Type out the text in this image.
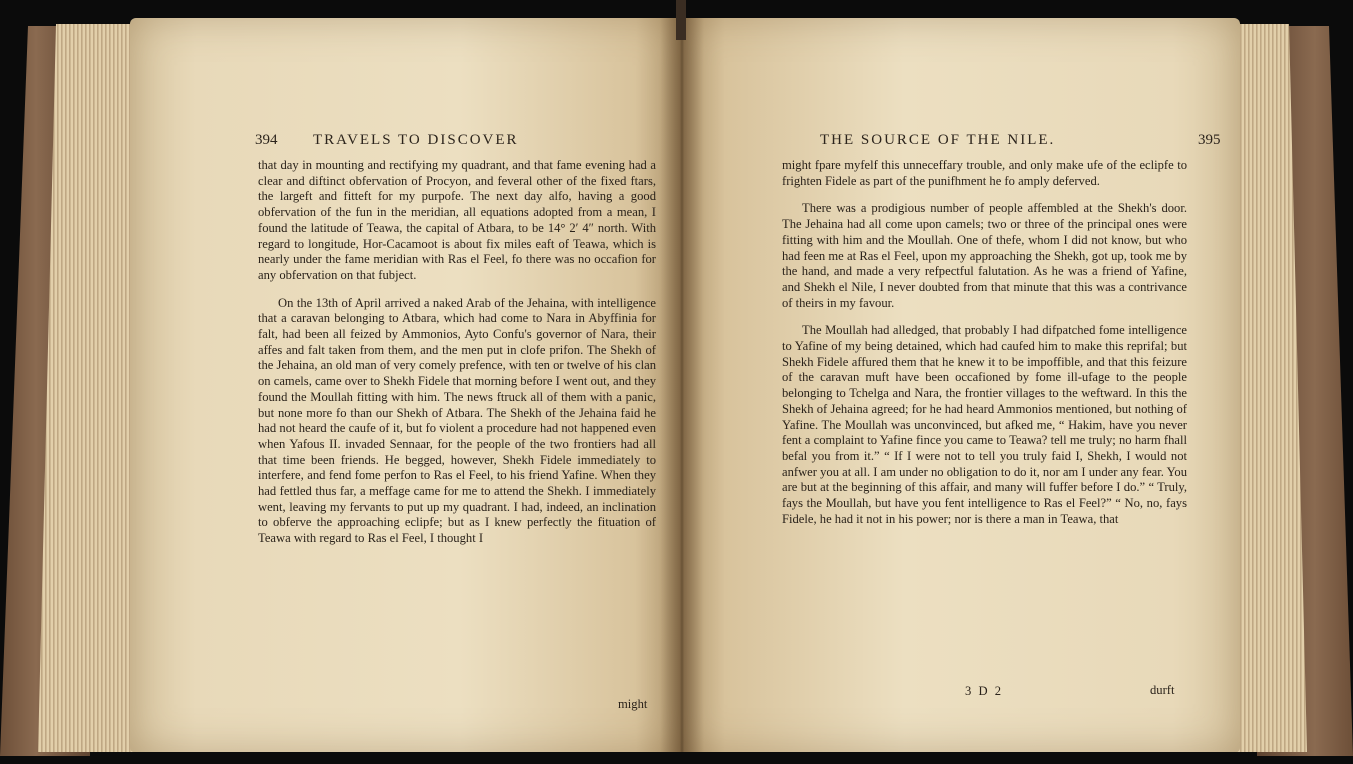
394 TRAVELS TO DISCOVER	THE SOURCE OF THE NILE.	395

that day in mounting and rectifying my quadrant, and that fame evening had a clear and diftinct obfervation of Procyon, and feveral other of the fixed ftars, the largeft and fitteft for my purpofe. The next day alfo, having a good obfervation of the fun in the meridian, all equations adopted from a mean, I found the latitude of Teawa, the capital of Atbara, to be 14° 2′ 4″ north. With regard to longitude, Hor-Cacamoot is about fix miles eaft of Teawa, which is nearly under the fame meridian with Ras el Feel, fo there was no occafion for any obfervation on that fubject.

On the 13th of April arrived a naked Arab of the Jehaina, with intelligence that a caravan belonging to Atbara, which had come to Nara in Abyffinia for falt, had been all feized by Ammonios, Ayto Confu's governor of Nara, their affes and falt taken from them, and the men put in clofe prifon. The Shekh of the Jehaina, an old man of very comely prefence, with ten or twelve of his clan on camels, came over to Shekh Fidele that morning before I went out, and they found the Moullah fitting with him. The news ftruck all of them with a panic, but none more fo than our Shekh of Atbara. The Shekh of the Jehaina faid he had not heard the caufe of it, but fo violent a procedure had not happened even when Yafous II. invaded Sennaar, for the people of the two frontiers had all that time been friends. He begged, however, Shekh Fidele immediately to interfere, and fend fome perfon to Ras el Feel, to his friend Yafine. When they had fettled thus far, a meffage came for me to attend the Shekh. I immediately went, leaving my fervants to put up my quadrant. I had, indeed, an inclination to obferve the approaching eclipfe; but as I knew perfectly the fituation of Teawa with regard to Ras el Feel, I thought I

might

might fpare myfelf this unneceffary trouble, and only make ufe of the eclipfe to frighten Fidele as part of the punifhment he fo amply deferved.

There was a prodigious number of people affembled at the Shekh's door. The Jehaina had all come upon camels; two or three of the principal ones were fitting with him and the Moullah. One of thefe, whom I did not know, but who had feen me at Ras el Feel, upon my approaching the Shekh, got up, took me by the hand, and made a very refpectful falutation. As he was a friend of Yafine, and Shekh el Nile, I never doubted from that minute that this was a contrivance of theirs in my favour.

The Moullah had alledged, that probably I had difpatched fome intelligence to Yafine of my being detained, which had caufed him to make this reprifal; but Shekh Fidele affured them that he knew it to be impoffible, and that this feizure of the caravan muft have been occafioned by fome ill-ufage to the people belonging to Tchelga and Nara, the frontier villages to the weftward. In this the Shekh of Jehaina agreed; for he had heard Ammonios mentioned, but nothing of Yafine. The Moullah was unconvinced, but afked me, “ Hakim, have you never fent a complaint to Yafine fince you came to Teawa? tell me truly; no harm fhall befal you from it.” “ If I were not to tell you truly faid I, Shekh, I would not anfwer you at all. I am under no obligation to do it, nor am I under any fear. You are but at the beginning of this affair, and many will fuffer before I do.” “ Truly, fays the Moullah, but have you fent intelligence to Ras el Feel?” “ No, no, fays Fidele, he had it not in his power; nor is there a man in Teawa, that

3 D 2	durft
